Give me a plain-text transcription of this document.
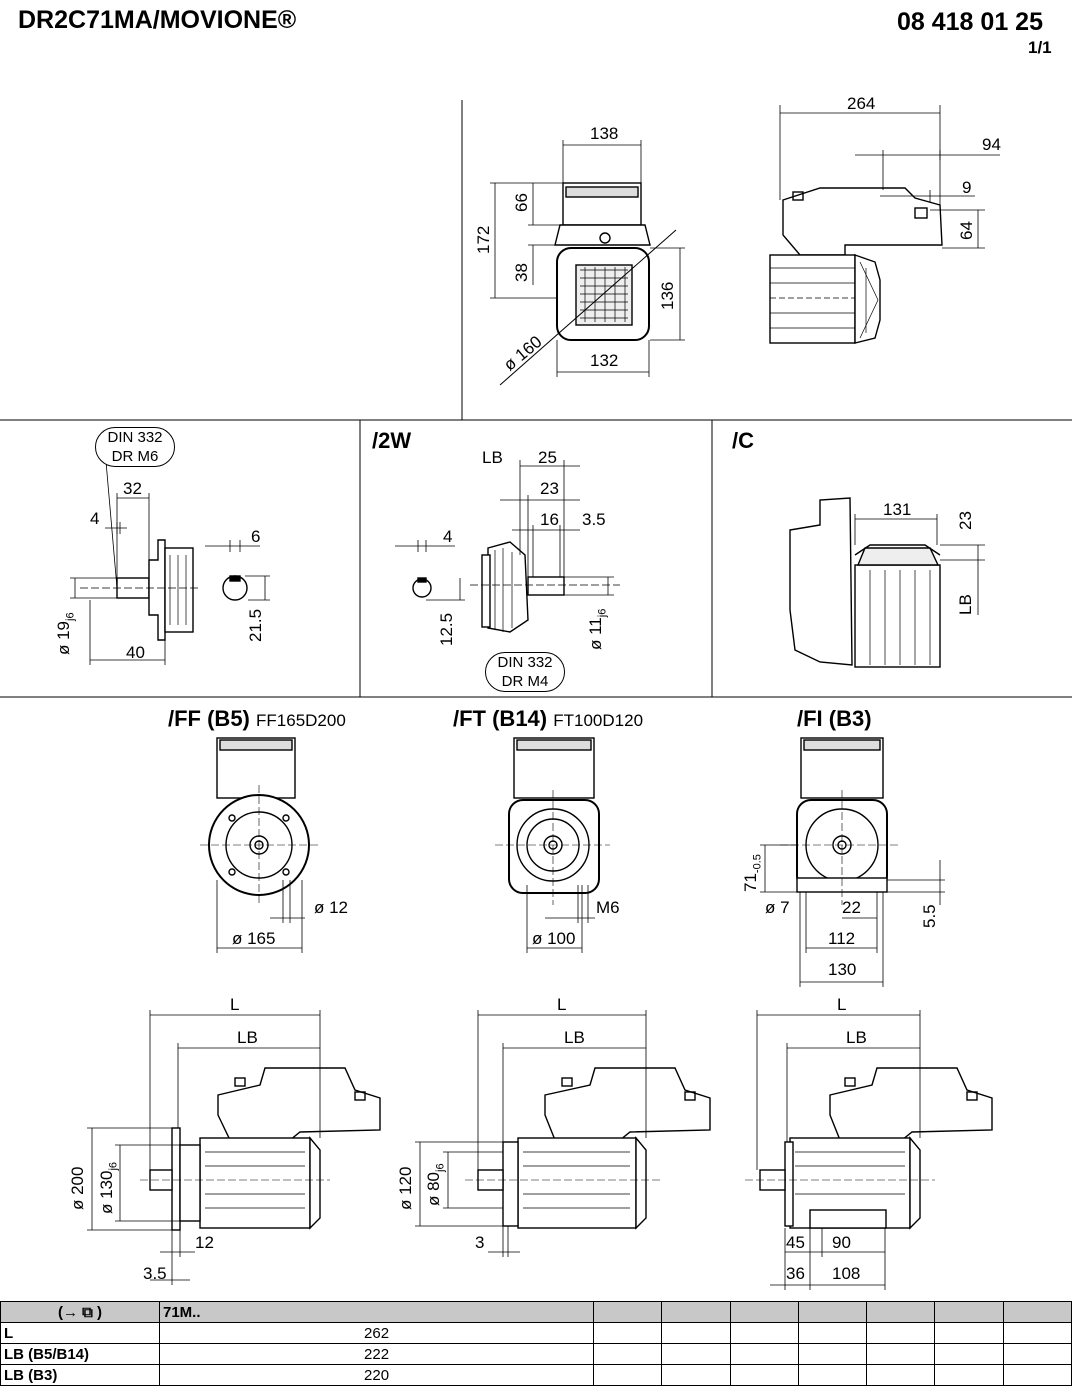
DR2C71MA/MOVIONE®	08 418 01 25
1/1
138
172
66
38
136
132
ø 160
264
94
9
64
DIN 332
DR M6
32
4
6
40
21.5
ø $19_{j6}$
/2W
LB 25
23
16 3.5
4
12.5	ø $11_{j6}$
DIN 332
DR M4
/C
131
23
LB
/FF (B5) FF165D200
ø 12
ø 165
/FT (B14) FT100D120
M6
ø 100
/FI (B3)
$71_{-0.5}$
ø 7	22	5.5
112
130
L
LB
ø 200 ø $130_{j6}$
12
3.5
L
LB
ø 120 ø $80_{j6}$
3
L
LB
45 90
36 108
(→ ⧉ )	71M..							
L	262							
LB (B5/B14)	222							
LB (B3)	220							
